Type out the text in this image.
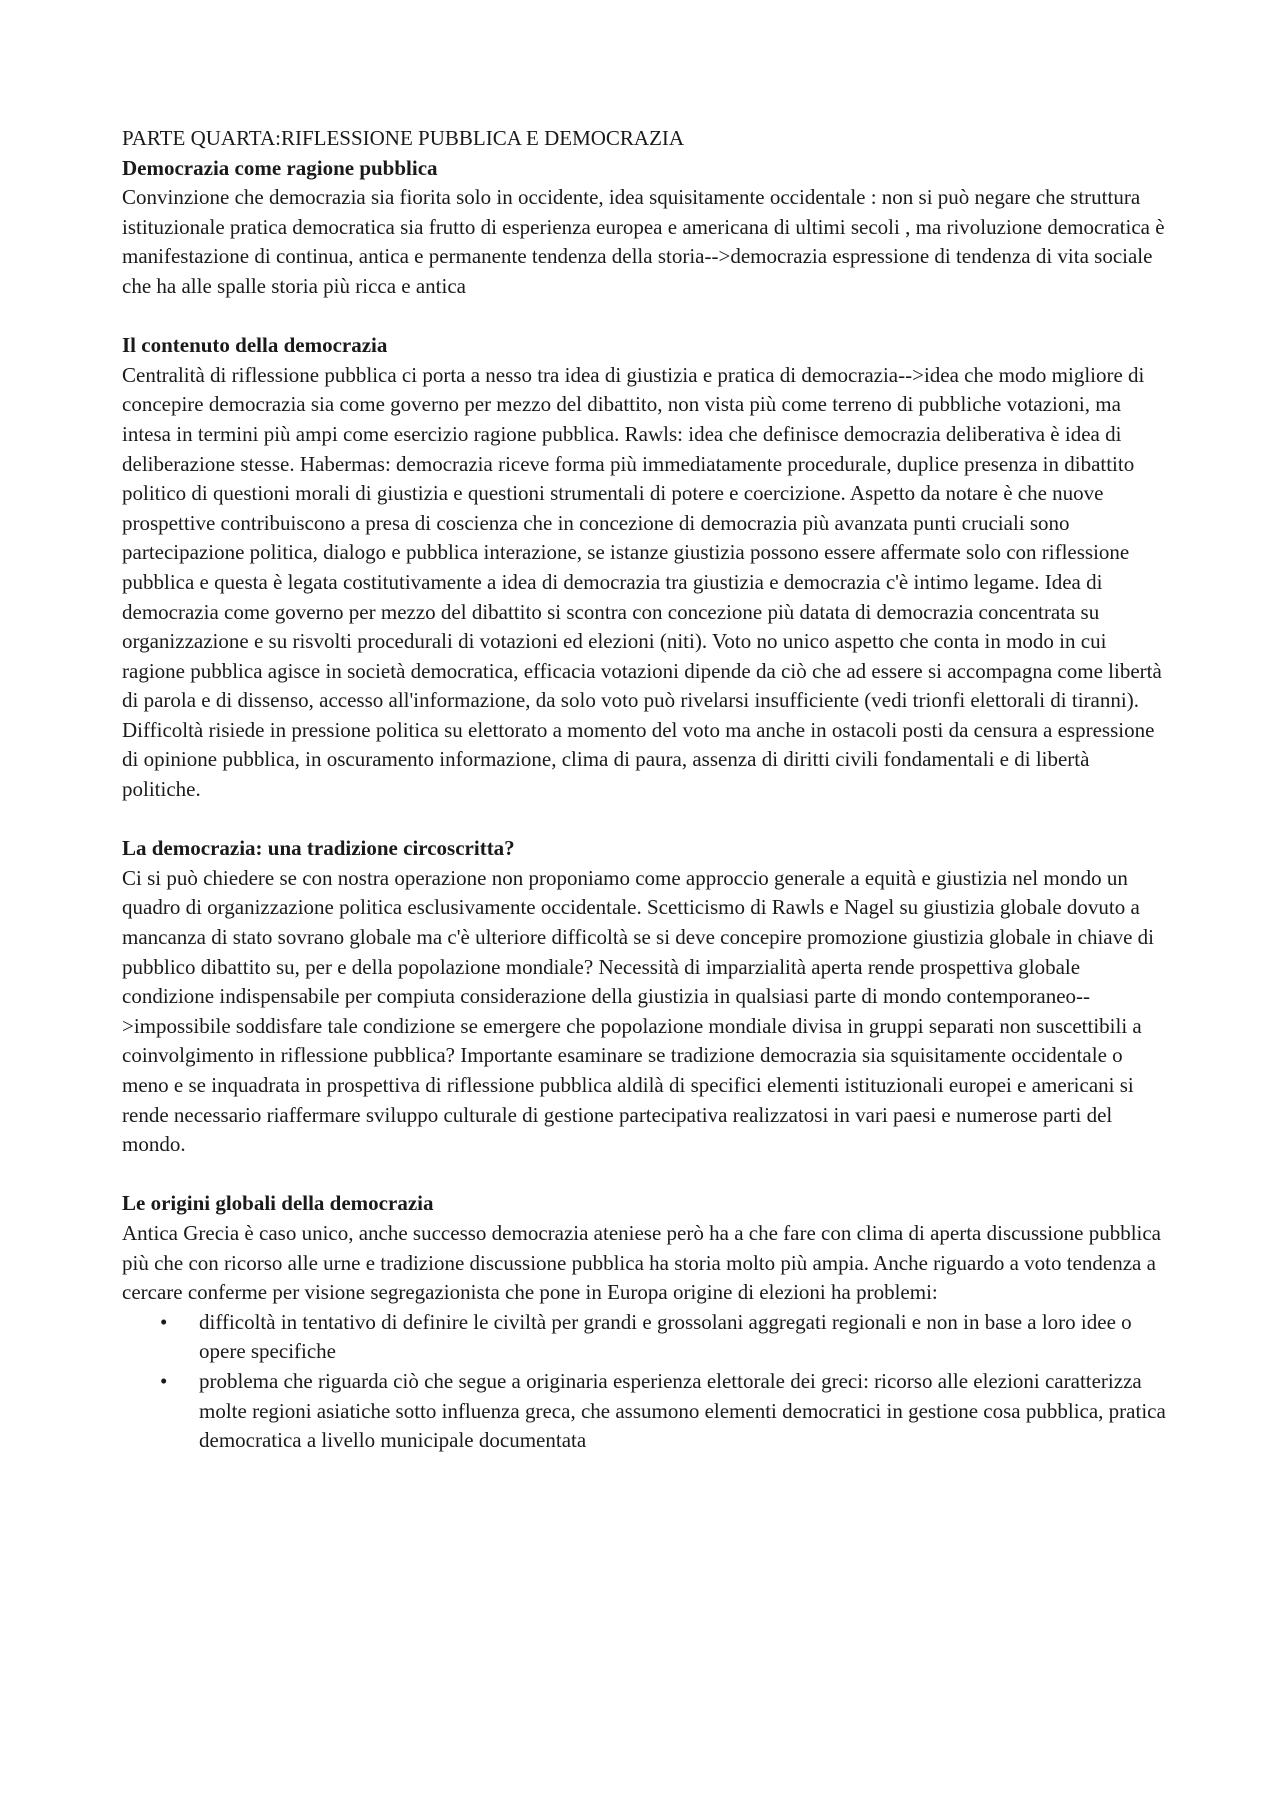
PARTE QUARTA:RIFLESSIONE PUBBLICA E DEMOCRAZIA

Democrazia come ragione pubblica

Convinzione che democrazia sia fiorita solo in occidente, idea squisitamente occidentale : non si può negare che struttura istituzionale pratica democratica sia frutto di esperienza europea e americana di ultimi secoli , ma rivoluzione democratica è manifestazione di continua, antica e permanente tendenza della storia-->democrazia espressione di tendenza di vita sociale che ha alle spalle storia più ricca e antica

Il contenuto della democrazia

Centralità di riflessione pubblica ci porta a nesso tra idea di giustizia e pratica di democrazia-->idea che modo migliore di concepire democrazia sia come governo per mezzo del dibattito, non vista più come terreno di pubbliche votazioni, ma intesa in termini più ampi come esercizio ragione pubblica. Rawls: idea che definisce democrazia deliberativa è idea di deliberazione stesse. Habermas: democrazia riceve forma più immediatamente procedurale, duplice presenza in dibattito politico di questioni morali di giustizia e questioni strumentali di potere e coercizione. Aspetto da notare è che nuove prospettive contribuiscono a presa di coscienza che in concezione di democrazia più avanzata punti cruciali sono partecipazione politica, dialogo e pubblica interazione, se istanze giustizia possono essere affermate solo con riflessione pubblica e questa è legata costitutivamente a idea di democrazia tra giustizia e democrazia c'è intimo legame. Idea di democrazia come governo per mezzo del dibattito si scontra con concezione più datata di democrazia concentrata su organizzazione e su risvolti procedurali di votazioni ed elezioni (niti). Voto no unico aspetto che conta in modo in cui ragione pubblica agisce in società democratica, efficacia votazioni dipende da ciò che ad essere si accompagna come libertà di parola e di dissenso, accesso all'informazione, da solo voto può rivelarsi insufficiente (vedi trionfi elettorali di tiranni). Difficoltà risiede in pressione politica su elettorato a momento del voto ma anche in ostacoli posti da censura a espressione di opinione pubblica, in oscuramento informazione, clima di paura, assenza di diritti civili fondamentali e di libertà politiche.

La democrazia: una tradizione circoscritta?

Ci si può chiedere se con nostra operazione non proponiamo come approccio generale a equità e giustizia nel mondo un quadro di organizzazione politica esclusivamente occidentale. Scetticismo di Rawls e Nagel su giustizia globale dovuto a mancanza di stato sovrano globale ma c'è ulteriore difficoltà se si deve concepire promozione giustizia globale in chiave di pubblico dibattito su, per e della popolazione mondiale? Necessità di imparzialità aperta rende prospettiva globale condizione indispensabile per compiuta considerazione della giustizia in qualsiasi parte di mondo contemporaneo-->impossibile soddisfare tale condizione se emergere che popolazione mondiale divisa in gruppi separati non suscettibili a coinvolgimento in riflessione pubblica? Importante esaminare se tradizione democrazia sia squisitamente occidentale o meno e se inquadrata in prospettiva di riflessione pubblica aldilà di specifici elementi istituzionali europei e americani si rende necessario riaffermare sviluppo culturale di gestione partecipativa realizzatosi in vari paesi e numerose parti del mondo.

Le origini globali della democrazia

Antica Grecia è caso unico, anche successo democrazia ateniese però ha a che fare con clima di aperta discussione pubblica più che con ricorso alle urne e tradizione discussione pubblica ha storia molto più ampia. Anche riguardo a voto tendenza a cercare conferme per visione segregazionista che pone in Europa origine di elezioni ha problemi:

• difficoltà in tentativo di definire le civiltà per grandi e grossolani aggregati regionali e non in base a loro idee o opere specifiche
• problema che riguarda ciò che segue a originaria esperienza elettorale dei greci: ricorso alle elezioni caratterizza molte regioni asiatiche sotto influenza greca, che assumono elementi democratici in gestione cosa pubblica, pratica democratica a livello municipale documentata
